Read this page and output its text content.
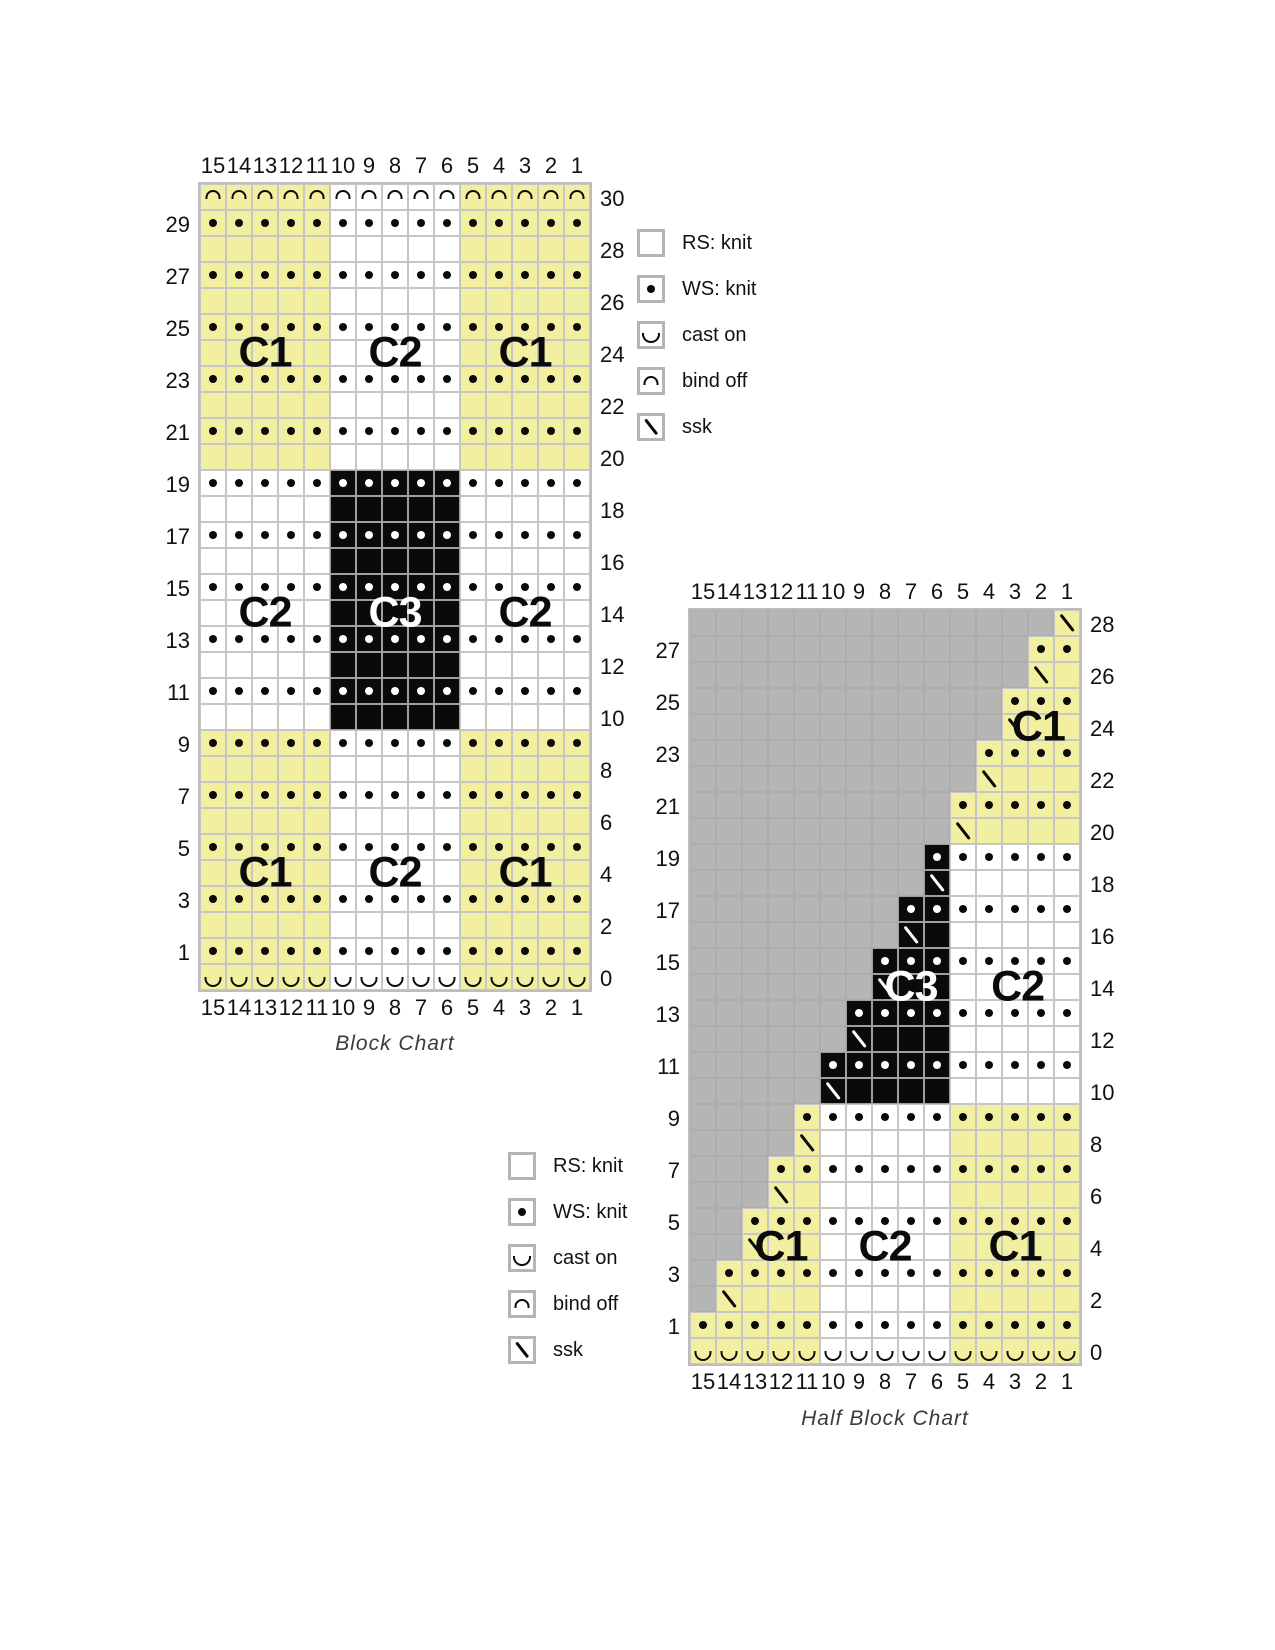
RS: knit
WS: knit
cast on
bind off
ssk
RS: knit
WS: knit
cast on
bind off
ssk
15
15
14
14
13
13
12
12
11
11
10
10
9
9
8
8
7
7
6
6
5
5
4
4
3
3
2
2
1
1
29
27
25
23
21
19
17
15
13
11
9
7
5
3
1
30
28
26
24
22
20
18
16
14
12
10
8
6
4
2
0
C1 C2 C1
C2 C3 C2
C1 C2 C1
15
15
14
14
13
13
12
12
11
11
10
10
9
9
8
8
7
7
6
6
5
5
4
4
3
3
2
2
1
1
27
25
23
21
19
17
15
13
11
9
7
5
3
1
28
26
24
22
20
18
16
14
12
10
8
6
4
2
0
C1
C3 C2
C1 C2 C1
Block Chart
Half Block Chart
